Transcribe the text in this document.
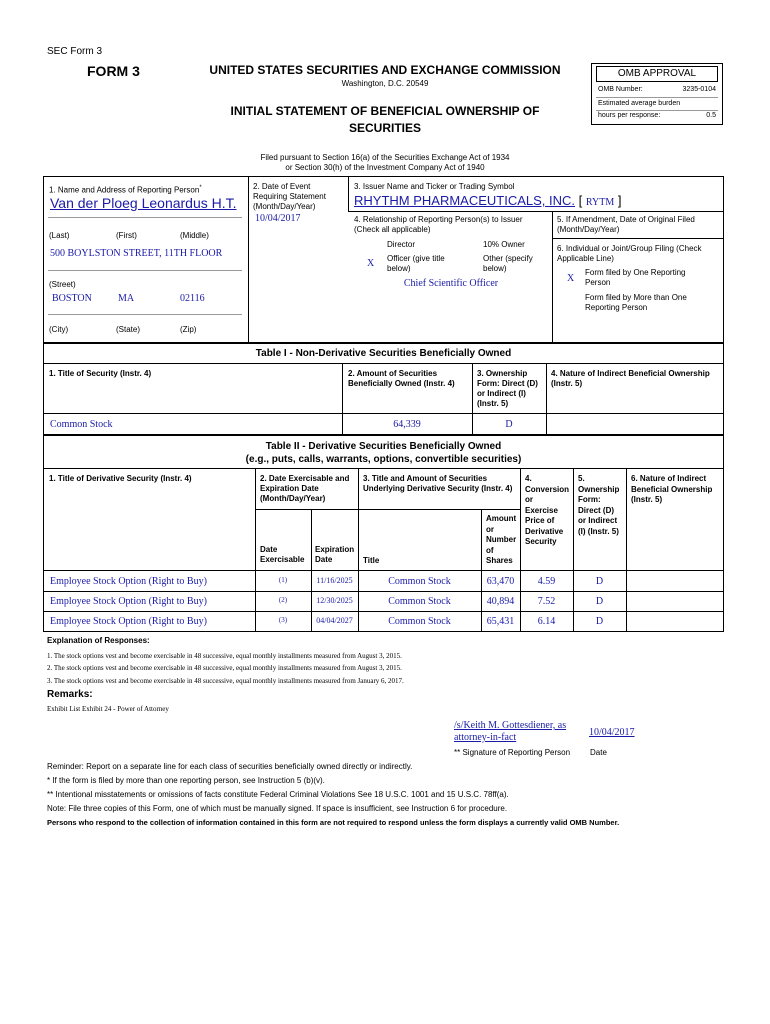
SEC Form 3
FORM 3	UNITED STATES SECURITIES AND EXCHANGE COMMISSION
Washington, D.C. 20549
INITIAL STATEMENT OF BENEFICIAL OWNERSHIP OF
SECURITIES
OMB APPROVAL
OMB Number:	3235-0104
Estimated average burden
hours per response:	0.5
Filed pursuant to Section 16(a) of the Securities Exchange Act of 1934
or Section 30(h) of the Investment Company Act of 1940
1. Name and Address of Reporting Person*
Van der Ploeg Leonardus H.T.
(Last)	(First)	(Middle)
500 BOYLSTON STREET, 11TH FLOOR
(Street)
BOSTON	MA	02116
(City)	(State)	(Zip)
2. Date of Event
Requiring Statement
(Month/Day/Year)
10/04/2017
3. Issuer Name and Ticker or Trading Symbol
RHYTHM PHARMACEUTICALS, INC. [ RYTM ]
4. Relationship of Reporting Person(s) to Issuer
(Check all applicable)
Director	10% Owner
X Officer (give title
below)
Other (specify
below)
Chief Scientific Officer
5. If Amendment, Date of Original Filed
(Month/Day/Year)
6. Individual or Joint/Group Filing (Check
Applicable Line)
X
Form filed by One Reporting
Person
Form filed by More than One
Reporting Person
Table I - Non-Derivative Securities Beneficially Owned
1. Title of Security (Instr. 4)	2. Amount of Securities
Beneficially Owned (Instr. 4)
3. Ownership
Form: Direct (D)
or Indirect (I)
(Instr. 5)
4. Nature of Indirect Beneficial Ownership
(Instr. 5)
Common Stock	64,339	D
Table II - Derivative Securities Beneficially Owned
(e.g., puts, calls, warrants, options, convertible securities)
1. Title of Derivative Security (Instr. 4)	2. Date Exercisable and
Expiration Date
(Month/Day/Year)
3. Title and Amount of Securities
Underlying Derivative Security (Instr. 4)
4.
Conversion
or
Exercise
Price of
Derivative
Security
5.
Ownership
Form:
Direct (D)
or Indirect
(I) (Instr. 5)
6. Nature of Indirect
Beneficial Ownership
(Instr. 5)
Date
Exercisable
Expiration
Date	Title
Amount
or
Number
of
Shares
Employee Stock Option (Right to Buy)	(1)	11/16/2025	Common Stock	63,470	4.59	D
Employee Stock Option (Right to Buy)	(2)	12/30/2025	Common Stock	40,894	7.52	D
Employee Stock Option (Right to Buy)	(3)	04/04/2027	Common Stock	65,431	6.14	D
Explanation of Responses:
1. The stock options vest and become exercisable in 48 successive, equal monthly installments measured from August 3, 2015.
2. The stock options vest and become exercisable in 48 successive, equal monthly installments measured from August 3, 2015.
3. The stock options vest and become exercisable in 48 successive, equal monthly installments measured from January 6, 2017.
Remarks:
Exhibit List Exhibit 24 - Power of Attorney
/s/Keith M. Gottesdiener, as
attorney-in-fact	10/04/2017
** Signature of Reporting Person Date
Reminder: Report on a separate line for each class of securities beneficially owned directly or indirectly.
* If the form is filed by more than one reporting person, see Instruction 5 (b)(v).
** Intentional misstatements or omissions of facts constitute Federal Criminal Violations See 18 U.S.C. 1001 and 15 U.S.C. 78ff(a).
Note: File three copies of this Form, one of which must be manually signed. If space is insufficient, see Instruction 6 for procedure.
Persons who respond to the collection of information contained in this form are not required to respond unless the form displays a currently valid OMB Number.
